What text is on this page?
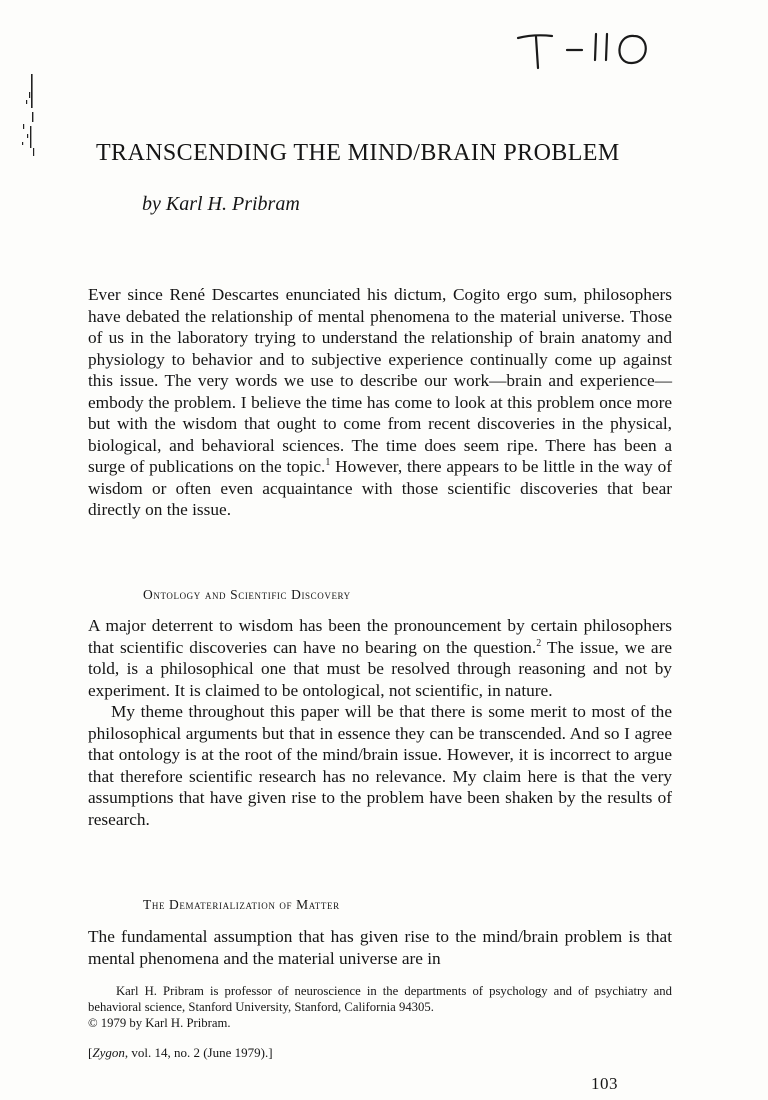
TRANSCENDING THE MIND/BRAIN PROBLEM

by Karl H. Pribram

Ever since René Descartes enunciated his dictum, Cogito ergo sum, philosophers have debated the relationship of mental phenomena to the material universe. Those of us in the laboratory trying to understand the relationship of brain anatomy and physiology to behavior and to subjective experience continually come up against this issue. The very words we use to describe our work—brain and experience—embody the problem. I believe the time has come to look at this problem once more but with the wisdom that ought to come from recent discoveries in the physical, biological, and behavioral sciences. The time does seem ripe. There has been a surge of publications on the topic.$^1$ However, there appears to be little in the way of wisdom or often even acquaintance with those scientific discoveries that bear directly on the issue.

Ontology and Scientific Discovery

A major deterrent to wisdom has been the pronouncement by certain philosophers that scientific discoveries can have no bearing on the question.$^2$ The issue, we are told, is a philosophical one that must be resolved through reasoning and not by experiment. It is claimed to be ontological, not scientific, in nature.

My theme throughout this paper will be that there is some merit to most of the philosophical arguments but that in essence they can be transcended. And so I agree that ontology is at the root of the mind/brain issue. However, it is incorrect to argue that therefore scientific research has no relevance. My claim here is that the very assumptions that have given rise to the problem have been shaken by the results of research.

The Dematerialization of Matter

The fundamental assumption that has given rise to the mind/brain problem is that mental phenomena and the material universe are in

Karl H. Pribram is professor of neuroscience in the departments of psychology and of psychiatry and behavioral science, Stanford University, Stanford, California 94305.
© 1979 by Karl H. Pribram.

[Zygon, vol. 14, no. 2 (June 1979).]

103
